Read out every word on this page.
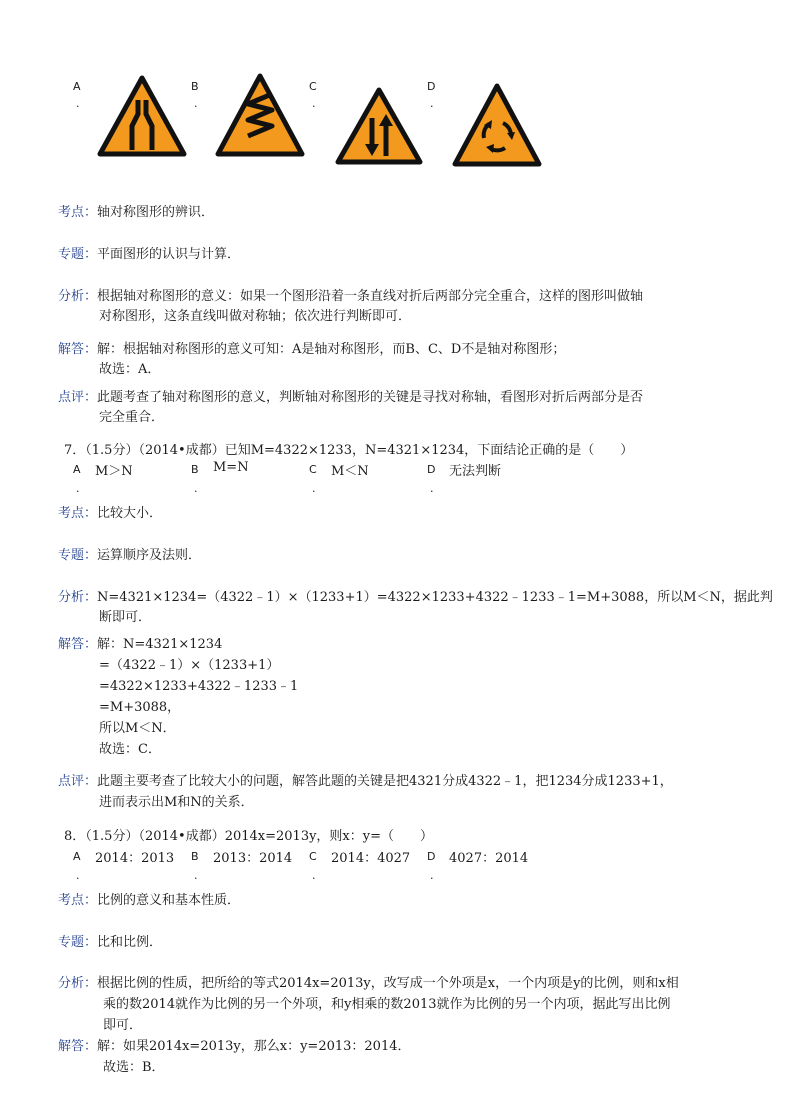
A
.
B
.
C
.
D
.
考点：轴对称图形的辨识．
专题：平面图形的认识与计算．
分析：根据轴对称图形的意义：如果一个图形沿着一条直线对折后两部分完全重合，这样的图形叫做轴
对称图形，这条直线叫做对称轴；依次进行判断即可．
解答：解：根据轴对称图形的意义可知：A是轴对称图形，而B、C、D不是轴对称图形；
故选：A．
点评：此题考查了轴对称图形的意义，判断轴对称图形的关键是寻找对称轴，看图形对折后两部分是否
完全重合．
7．（1.5分）（2014•成都）已知M=4322×1233，N=4321×1234，下面结论正确的是（　　）
A M＞N
.
B M=N
.
C M＜N
.
D 无法判断
.
考点：比较大小．
专题：运算顺序及法则．
分析：N=4321×1234=（4322﹣1）×（1233+1）=4322×1233+4322﹣1233﹣1=M+3088，所以M＜N，据此判
断即可．
解答：解：N=4321×1234
=（4322﹣1）×（1233+1）
=4322×1233+4322﹣1233﹣1
=M+3088，
所以M＜N．
故选：C．
点评：此题主要考查了比较大小的问题，解答此题的关键是把4321分成4322﹣1，把1234分成1233+1，
进而表示出M和N的关系．
8．（1.5分）（2014•成都）2014x=2013y，则x：y=（　　）
A 2014：2013
.
B 2013：2014
.
C 2014：4027
.
D 4027：2014
.
考点：比例的意义和基本性质．
专题：比和比例．
分析：根据比例的性质，把所给的等式2014x=2013y，改写成一个外项是x，一个内项是y的比例，则和x相
乘的数2014就作为比例的另一个外项，和y相乘的数2013就作为比例的另一个内项，据此写出比例
即可．
解答：解：如果2014x=2013y，那么x：y=2013：2014．
故选：B．
